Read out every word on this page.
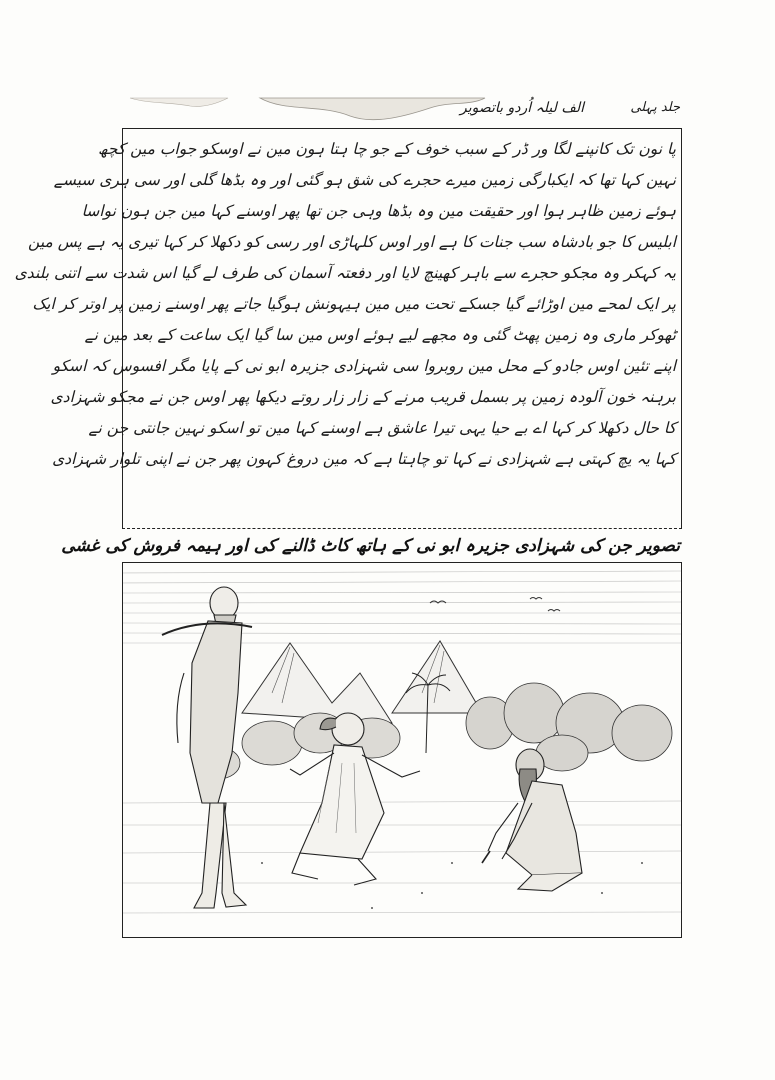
الف لیلہ اُردو باتصویر	جلد پہلی
پا نون تک کانپنے لگا ور ڈر کے سبب خوف کے جو چا ہتا ہون مین نے اوسکو جواب مین کچھ
نہین کہا تھا کہ ایکبارگی زمین میرے حجرے کی شق ہو گئی اور وہ بڈھا گلی اور سی ہری سیسے
ہوئے زمین ظاہر ہوا اور حقیقت مین وہ بڈھا وہی جن تھا پھر اوسنے کہا مین جن ہون نواسا
ابلیس کا جو بادشاہ سب جنات کا ہے اور اوس کلہاڑی اور رسی کو دکھلا کر کہا تیری یہ ہے پس مین
یہ کہکر وہ مجکو حجرے سے باہر کھینچ لایا اور دفعتہ آسمان کی طرف لے گیا اس شدت سے اتنی بلندی
پر ایک لمحے مین اوڑائے گیا جسکے تحت میں مین ہیہونش ہوگیا جاتے پھر اوسنے زمین پر اوتر کر ایک
ٹھوکر ماری وہ زمین پھٹ گئی وہ مجھے لیے ہوئے اوس مین سا گیا ایک ساعت کے بعد مین نے
اپنے تئین اوس جادو کے محل مین روبروا سی شہزادی جزیرہ ابو نی کے پایا مگر افسوس کہ اسکو
برہنہ خون آلودہ زمین پر بسمل قریب مرنے کے زار زار روتے دیکھا پھر اوس جن نے مجکو شہزادی
کا حال دکھلا کر کہا اے بے حیا یہی تیرا عاشق ہے اوسنے کہا مین تو اسکو نہین جانتی جن نے
کہا یہ یچ کہتی ہے شہزادی نے کہا تو چاہتا ہے کہ مین دروغ کہون پھر جن نے اپنی تلوار شہزادی
تصویر جن کی شہزادی جزیرہ ابو نی کے ہاتھ کاٹ ڈالنے کی اور ہیمہ فروش کی غشی
